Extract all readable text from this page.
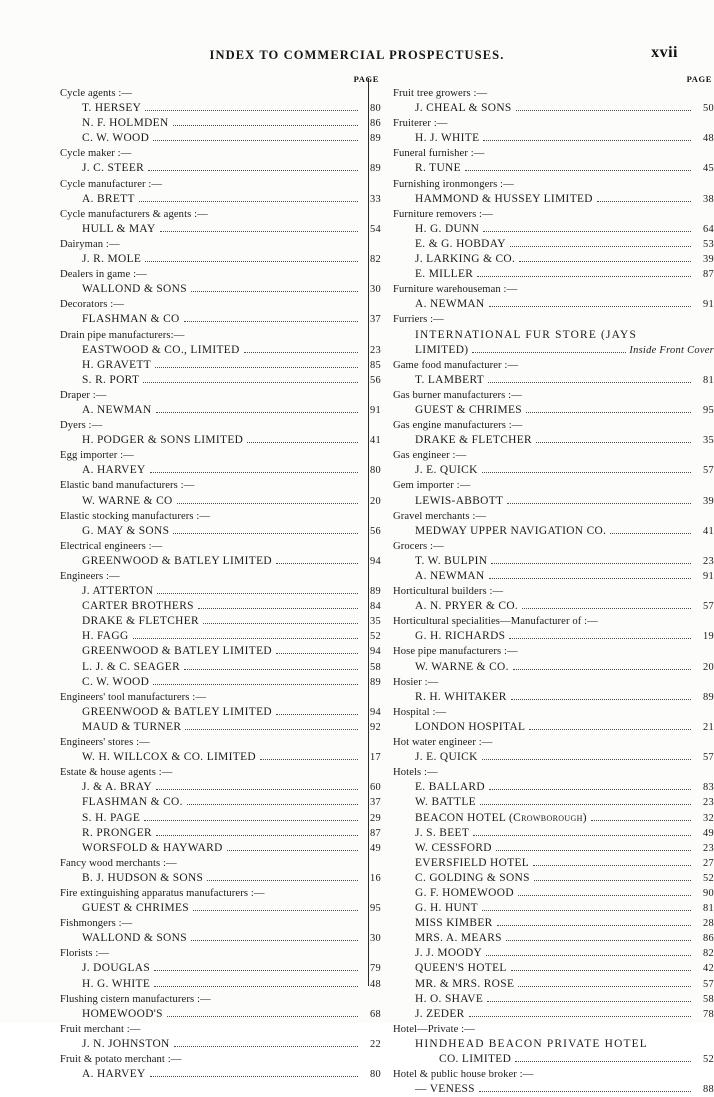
INDEX TO COMMERCIAL PROSPECTUSES.	xvii
PAGE
Cycle agents :—
T. HERSEY	80
N. F. HOLMDEN	86
C. W. WOOD	89
Cycle maker :—
J. C. STEER	89
Cycle manufacturer :—
A. BRETT	33
Cycle manufacturers & agents :—
HULL & MAY	54
Dairyman :—
J. R. MOLE	82
Dealers in game :—
WALLOND & SONS	30
Decorators :—
FLASHMAN & CO	37
Drain pipe manufacturers:—
EASTWOOD & CO., LIMITED	23
H. GRAVETT	85
S. R. PORT	56
Draper :—
A. NEWMAN	91
Dyers :—
H. PODGER & SONS LIMITED	41
Egg importer :—
A. HARVEY	80
Elastic band manufacturers :—
W. WARNE & CO	20
Elastic stocking manufacturers :—
G. MAY & SONS	56
Electrical engineers :—
GREENWOOD & BATLEY LIMITED	94
Engineers :—
J. ATTERTON	89
CARTER BROTHERS	84
DRAKE & FLETCHER	35
H. FAGG	52
GREENWOOD & BATLEY LIMITED	94
L. J. & C. SEAGER	58
C. W. WOOD	89
Engineers' tool manufacturers :—
GREENWOOD & BATLEY LIMITED	94
MAUD & TURNER	92
Engineers' stores :—
W. H. WILLCOX & CO. LIMITED	17
Estate & house agents :—
J. & A. BRAY	60
FLASHMAN & CO.	37
S. H. PAGE	29
R. PRONGER	87
WORSFOLD & HAYWARD	49
Fancy wood merchants :—
B. J. HUDSON & SONS	16
Fire extinguishing apparatus manufacturers :—
GUEST & CHRIMES	95
Fishmongers :—
WALLOND & SONS	30
Florists :—
J. DOUGLAS	79
H. G. WHITE	48
Flushing cistern manufacturers :—
HOMEWOOD'S	68
Fruit merchant :—
J. N. JOHNSTON	22
Fruit & potato merchant :—
A. HARVEY	80
PAGE
Fruit tree growers :—
J. CHEAL & SONS	50
Fruiterer :—
H. J. WHITE	48
Funeral furnisher :—
R. TUNE	45
Furnishing ironmongers :—
HAMMOND & HUSSEY LIMITED	38
Furniture removers :—
H. G. DUNN	64
E. & G. HOBDAY	53
J. LARKING & CO.	39
E. MILLER	87
Furniture warehouseman :—
A. NEWMAN	91
Furriers :—
INTERNATIONAL FUR STORE (JAYS
LIMITED)	Inside Front Cover
Game food manufacturer :—
T. LAMBERT	81
Gas burner manufacturers :—
GUEST & CHRIMES	95
Gas engine manufacturers :—
DRAKE & FLETCHER	35
Gas engineer :—
J. E. QUICK	57
Gem importer :—
LEWIS-ABBOTT	39
Gravel merchants :—
MEDWAY UPPER NAVIGATION CO.	41
Grocers :—
T. W. BULPIN	23
A. NEWMAN	91
Horticultural builders :—
A. N. PRYER & CO.	57
Horticultural specialities—Manufacturer of :—
G. H. RICHARDS	19
Hose pipe manufacturers :—
W. WARNE & CO.	20
Hosier :—
R. H. WHITAKER	89
Hospital :—
LONDON HOSPITAL	21
Hot water engineer :—
J. E. QUICK	57
Hotels :—
E. BALLARD	83
W. BATTLE	23
BEACON HOTEL (Crowborough)	32
J. S. BEET	49
W. CESSFORD	23
EVERSFIELD HOTEL	27
C. GOLDING & SONS	52
G. F. HOMEWOOD	90
G. H. HUNT	81
MISS KIMBER	28
MRS. A. MEARS	86
J. J. MOODY	82
QUEEN'S HOTEL	42
MR. & MRS. ROSE	57
H. O. SHAVE	58
J. ZEDER	78
Hotel—Private :—
HINDHEAD BEACON PRIVATE HOTEL
CO. LIMITED	52
Hotel & public house broker :—
— VENESS	88
